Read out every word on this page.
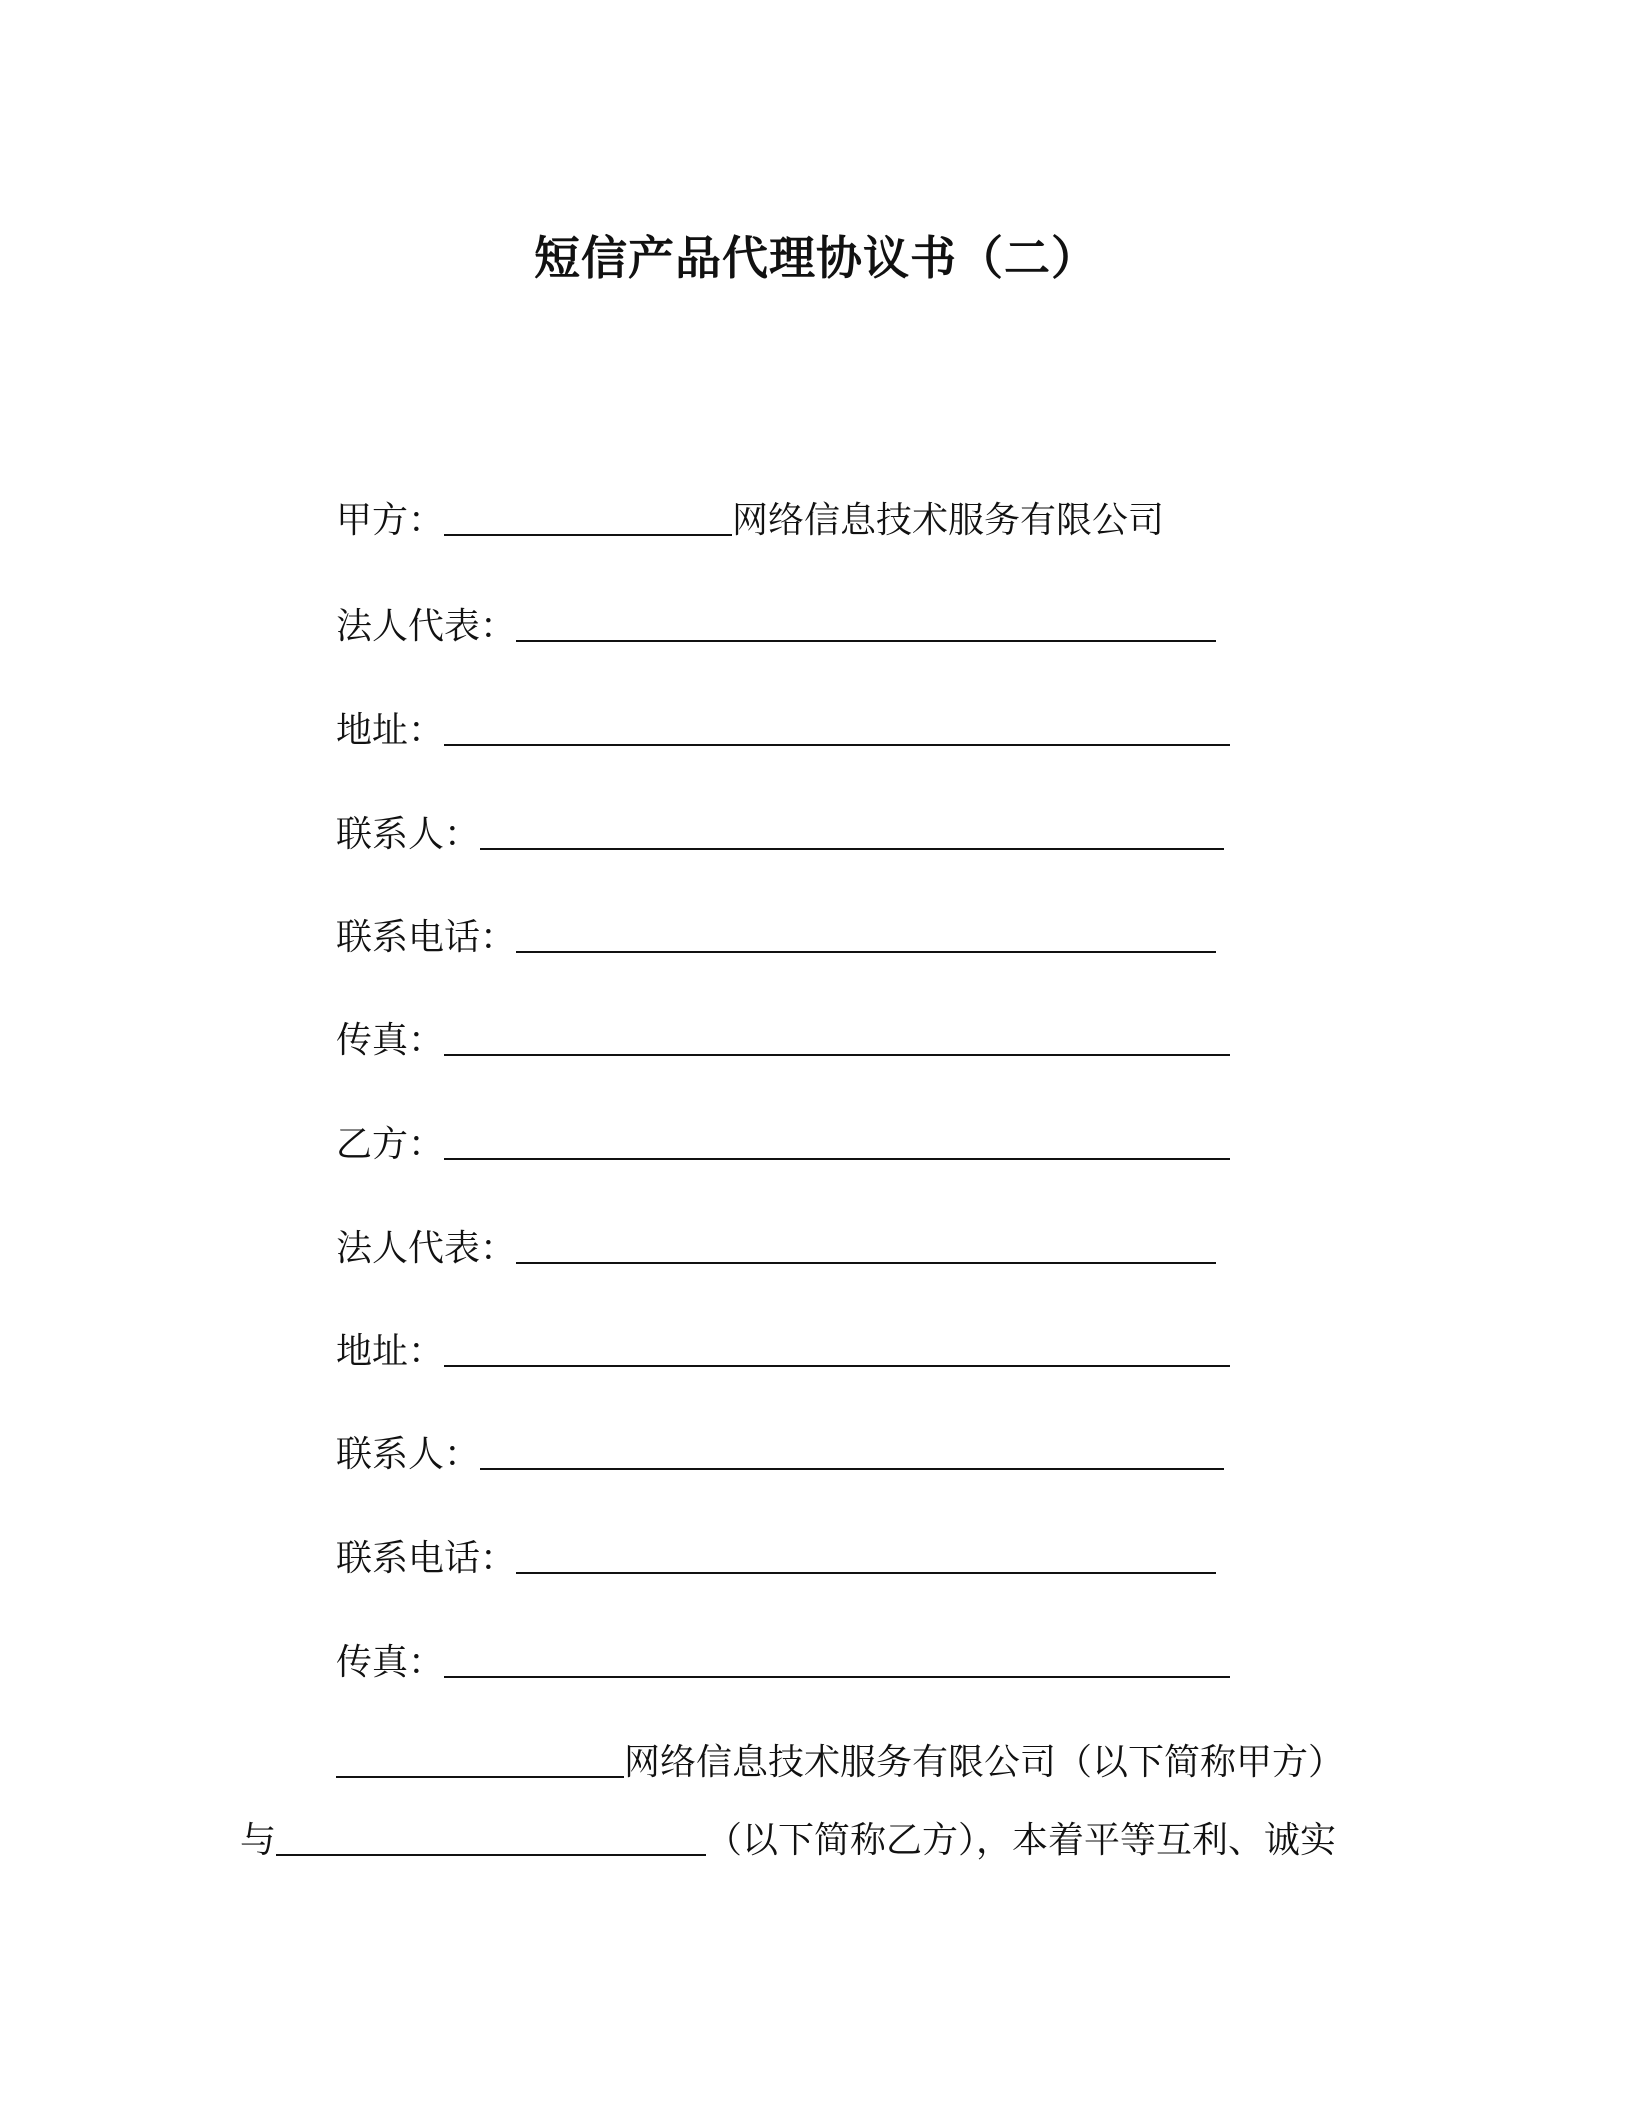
短信产品代理协议书（二）
甲方：	网络信息技术服务有限公司
法人代表：
地址：
联系人：
联系电话：
传真：
乙方：
法人代表：
地址：
联系人：
联系电话：
传真：
网络信息技术服务有限公司（以下简称甲方）
与	（以下简称乙方），本着平等互利、诚实
